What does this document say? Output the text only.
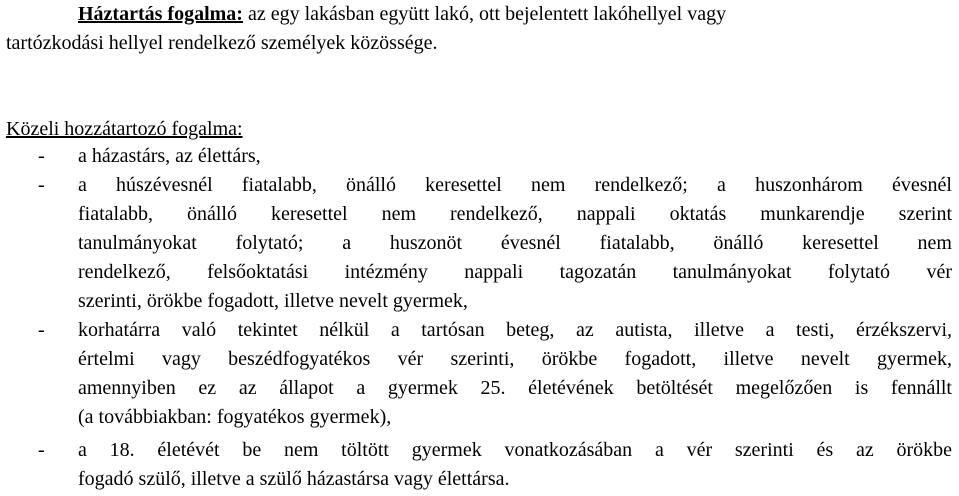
Háztartás fogalma: az egy lakásban együtt lakó, ott bejelentett lakóhellyel vagy
tartózkodási hellyel rendelkező személyek közössége.
Közeli hozzátartozó fogalma:
- a házastárs, az élettárs,
- a húszévesnél fiatalabb, önálló keresettel nem rendelkező; a huszonhárom évesnél
fiatalabb, önálló keresettel nem rendelkező, nappali oktatás munkarendje szerint
tanulmányokat folytató; a huszonöt évesnél fiatalabb, önálló keresettel nem
rendelkező, felsőoktatási intézmény nappali tagozatán tanulmányokat folytató vér
szerinti, örökbe fogadott, illetve nevelt gyermek,
- korhatárra való tekintet nélkül a tartósan beteg, az autista, illetve a testi, érzékszervi,
értelmi vagy beszédfogyatékos vér szerinti, örökbe fogadott, illetve nevelt gyermek,
amennyiben ez az állapot a gyermek 25. életévének betöltését megelőzően is fennállt
(a továbbiakban: fogyatékos gyermek),
- a 18. életévét be nem töltött gyermek vonatkozásában a vér szerinti és az örökbe
fogadó szülő, illetve a szülő házastársa vagy élettársa.
